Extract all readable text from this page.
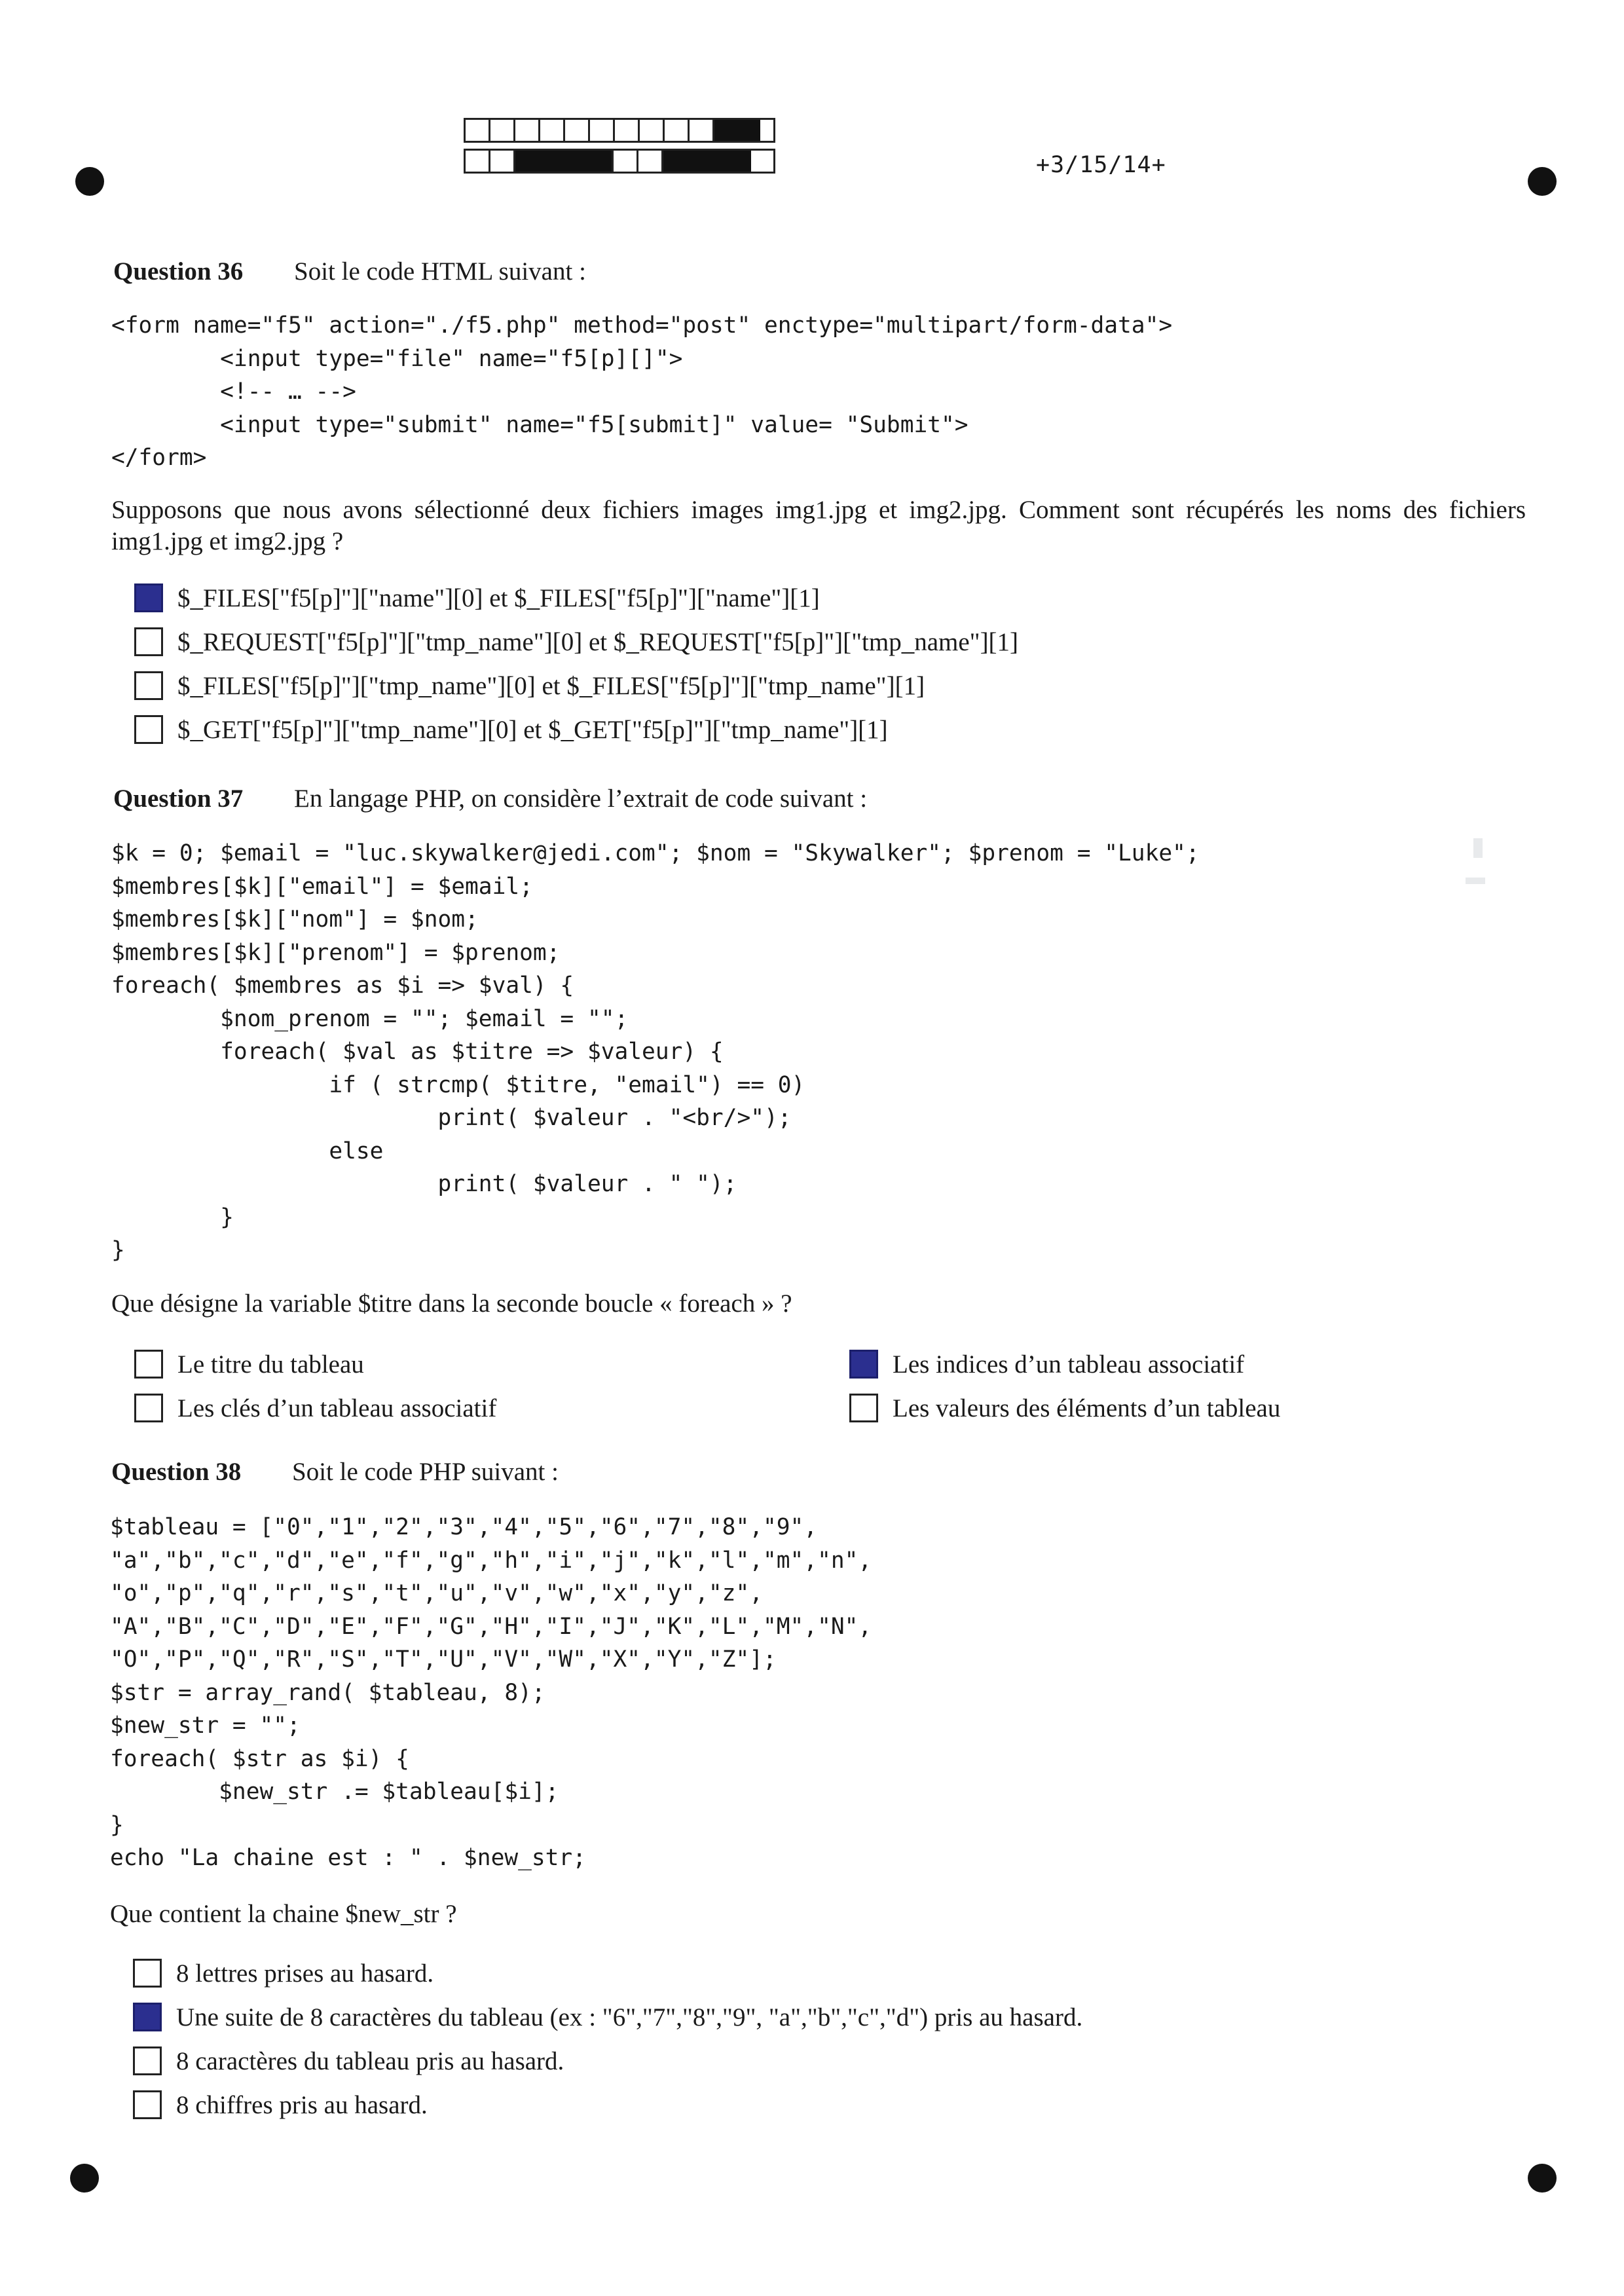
+3/15/14+
Question 36 Soit le code HTML suivant :
<form name="f5" action="./f5.php" method="post" enctype="multipart/form-data">
<input type="file" name="f5[p][]">
<!-- … -->
<input type="submit" name="f5[submit]" value= "Submit">
</form>
Supposons que nous avons sélectionné deux fichiers images img1.jpg et img2.jpg. Comment sont récupérés les noms des fichiers img1.jpg et img2.jpg ?
$_FILES["f5[p]"]["name"][0] et $_FILES["f5[p]"]["name"][1]
$_REQUEST["f5[p]"]["tmp_name"][0] et $_REQUEST["f5[p]"]["tmp_name"][1]
$_FILES["f5[p]"]["tmp_name"][0] et $_FILES["f5[p]"]["tmp_name"][1]
$_GET["f5[p]"]["tmp_name"][0] et $_GET["f5[p]"]["tmp_name"][1]
Question 37 En langage PHP, on considère l’extrait de code suivant :
$k = 0; $email = "luc.skywalker@jedi.com"; $nom = "Skywalker"; $prenom = "Luke";
$membres[$k]["email"] = $email;
$membres[$k]["nom"] = $nom;
$membres[$k]["prenom"] = $prenom;
foreach( $membres as $i => $val) {
$nom_prenom = ""; $email = "";
foreach( $val as $titre => $valeur) {
if ( strcmp( $titre, "email") == 0)
print( $valeur . "<br/>");
else
print( $valeur . " ");
}
}
Que désigne la variable $titre dans la seconde boucle « foreach » ?
Le titre du tableau	Les indices d’un tableau associatif
Les clés d’un tableau associatif	Les valeurs des éléments d’un tableau
Question 38 Soit le code PHP suivant :
$tableau = ["0","1","2","3","4","5","6","7","8","9",
"a","b","c","d","e","f","g","h","i","j","k","l","m","n",
"o","p","q","r","s","t","u","v","w","x","y","z",
"A","B","C","D","E","F","G","H","I","J","K","L","M","N",
"O","P","Q","R","S","T","U","V","W","X","Y","Z"];
$str = array_rand( $tableau, 8);
$new_str = "";
foreach( $str as $i) {
$new_str .= $tableau[$i];
}
echo "La chaine est : " . $new_str;
Que contient la chaine $new_str ?
8 lettres prises au hasard.
Une suite de 8 caractères du tableau (ex : "6","7","8","9", "a","b","c","d") pris au hasard.
8 caractères du tableau pris au hasard.
8 chiffres pris au hasard.
